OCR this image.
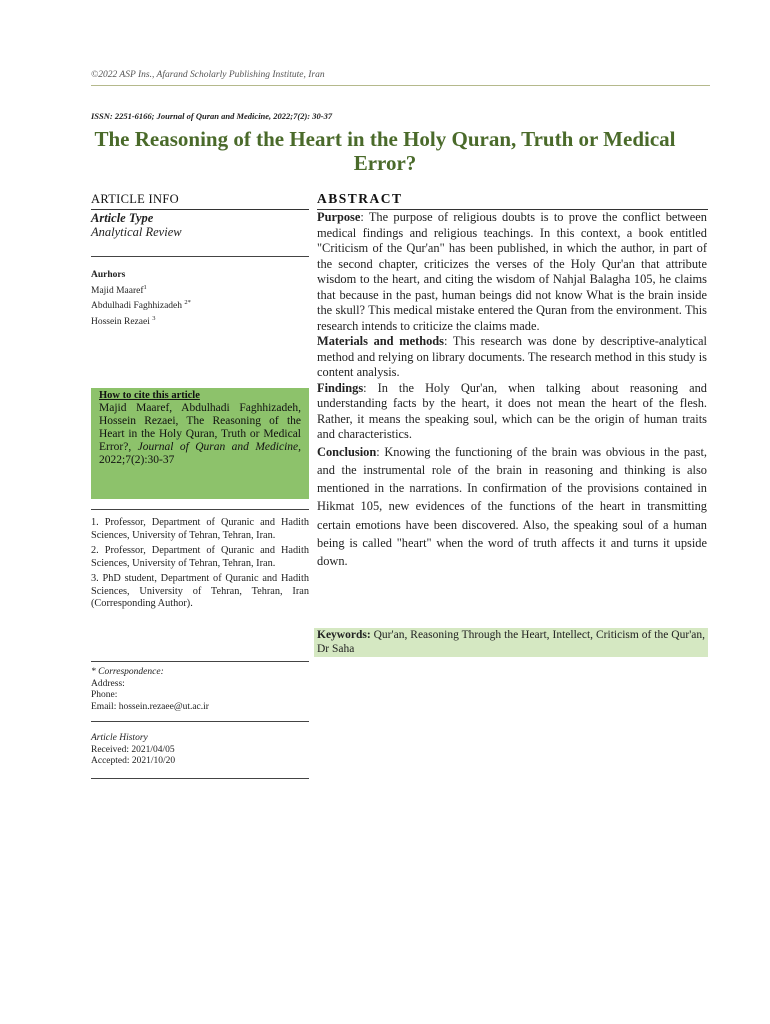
©2022 ASP Ins., Afarand Scholarly Publishing Institute, Iran
ISSN: 2251-6166; Journal of Quran and Medicine, 2022;7(2): 30-37
The Reasoning of the Heart in the Holy Quran, Truth or Medical
Error?
ARTICLE INFO
Article Type
Analytical Review
Aurhors
Majid Maaref$^1$
Abdulhadi Faghhizadeh $^{2*}$
Hossein Rezaei $^3$
How to cite this article
Majid Maaref, Abdulhadi Faghhizadeh, Hossein Rezaei, The Reasoning of the Heart in the Holy Quran, Truth or Medical Error?, Journal of Quran and Medicine, 2022;7(2):30-37
1. Professor, Department of Quranic and Hadith Sciences, University of Tehran, Tehran, Iran.
2. Professor, Department of Quranic and Hadith Sciences, University of Tehran, Tehran, Iran.
3. PhD student, Department of Quranic and Hadith Sciences, University of Tehran, Tehran, Iran (Corresponding Author).
* Correspondence:
Address:
Phone:
Email: hossein.rezaee@ut.ac.ir
Article History
Received: 2021/04/05
Accepted: 2021/10/20
ABSTRACT

Purpose: The purpose of religious doubts is to prove the conflict between medical findings and religious teachings. In this context, a book entitled "Criticism of the Qur'an" has been published, in which the author, in part of the second chapter, criticizes the verses of the Holy Qur'an that attribute wisdom to the heart, and citing the wisdom of Nahjal Balagha 105, he claims that because in the past, human beings did not know What is the brain inside the skull? This medical mistake entered the Quran from the environment. This research intends to criticize the claims made.

Materials and methods: This research was done by descriptive-analytical method and relying on library documents. The research method in this study is content analysis.

Findings: In the Holy Qur'an, when talking about reasoning and understanding facts by the heart, it does not mean the heart of the flesh. Rather, it means the speaking soul, which can be the origin of human traits and characteristics.

Conclusion: Knowing the functioning of the brain was obvious in the past, and the instrumental role of the brain in reasoning and thinking is also mentioned in the narrations. In confirmation of the provisions contained in Hikmat 105, new evidences of the functions of the heart in transmitting certain emotions have been discovered. Also, the speaking soul of a human being is called "heart" when the word of truth affects it and turns it upside down.

Keywords: Qur'an, Reasoning Through the Heart, Intellect, Criticism of the Qur'an, Dr Saha
